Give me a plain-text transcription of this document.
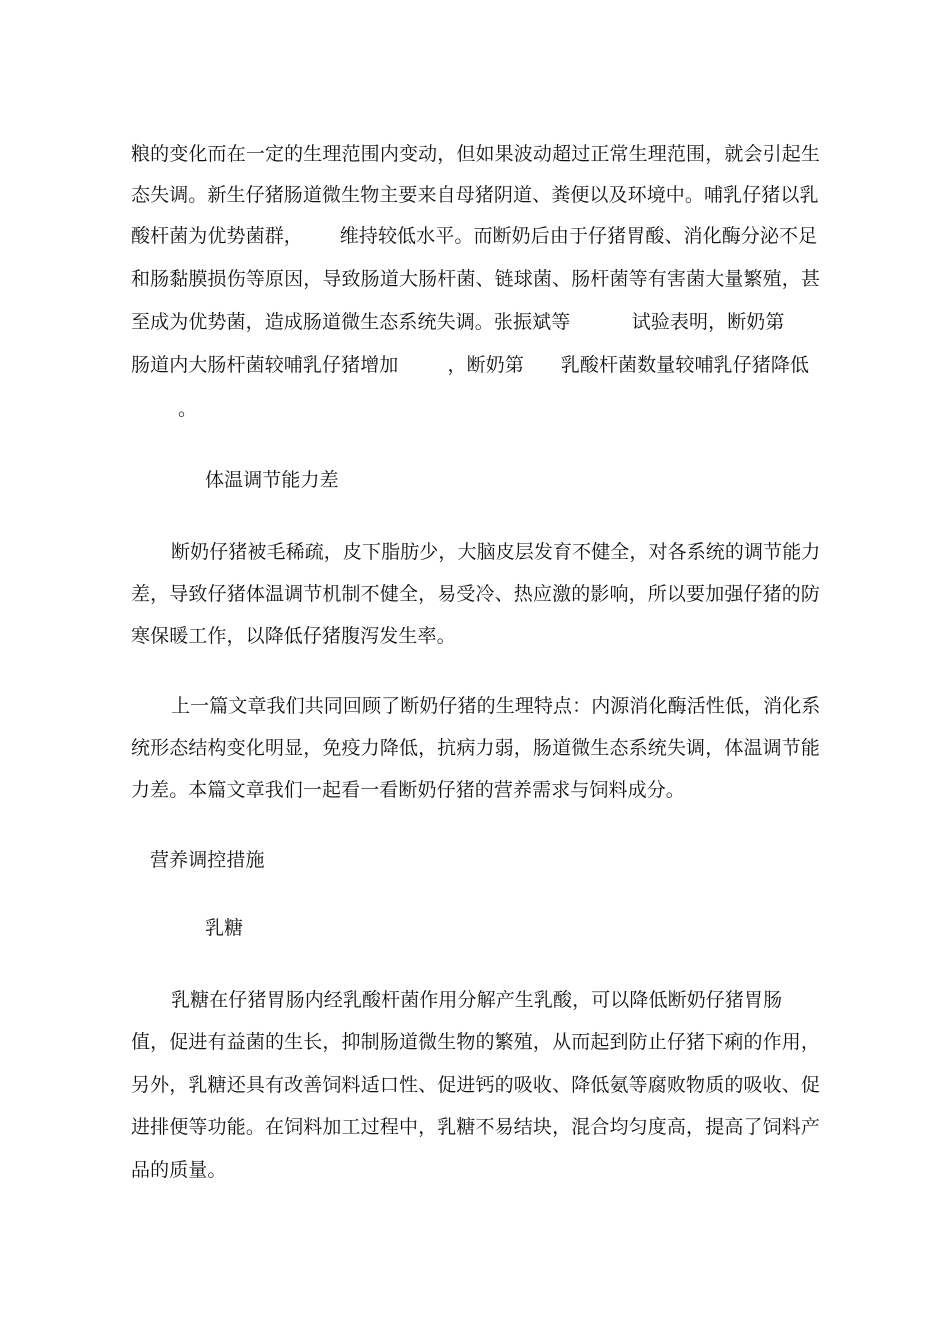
粮的变化而在一定的生理范围内变动，但如果波动超过正常生理范围，就会引起生
态失调。新生仔猪肠道微生物主要来自母猪阴道、粪便以及环境中。哺乳仔猪以乳
酸杆菌为优势菌群，      维持较低水平。而断奶后由于仔猪胃酸、消化酶分泌不足
和肠黏膜损伤等原因，导致肠道大肠杆菌、链球菌、肠杆菌等有害菌大量繁殖，甚
至成为优势菌，造成肠道微生态系统失调。张振斌等          试验表明，断奶第
肠道内大肠杆菌较哺乳仔猪增加        ，断奶第      乳酸杆菌数量较哺乳仔猪降低
。
体温调节能力差
断奶仔猪被毛稀疏，皮下脂肪少，大脑皮层发育不健全，对各系统的调节能力
差，导致仔猪体温调节机制不健全，易受冷、热应激的影响，所以要加强仔猪的防
寒保暖工作，以降低仔猪腹泻发生率。
上一篇文章我们共同回顾了断奶仔猪的生理特点：内源消化酶活性低，消化系
统形态结构变化明显，免疫力降低，抗病力弱，肠道微生态系统失调，体温调节能
力差。本篇文章我们一起看一看断奶仔猪的营养需求与饲料成分。
营养调控措施
乳糖
乳糖在仔猪胃肠内经乳酸杆菌作用分解产生乳酸，可以降低断奶仔猪胃肠
值，促进有益菌的生长，抑制肠道微生物的繁殖，从而起到防止仔猪下痢的作用，
另外，乳糖还具有改善饲料适口性、促进钙的吸收、降低氨等腐败物质的吸收、促
进排便等功能。在饲料加工过程中，乳糖不易结块，混合均匀度高，提高了饲料产
品的质量。
